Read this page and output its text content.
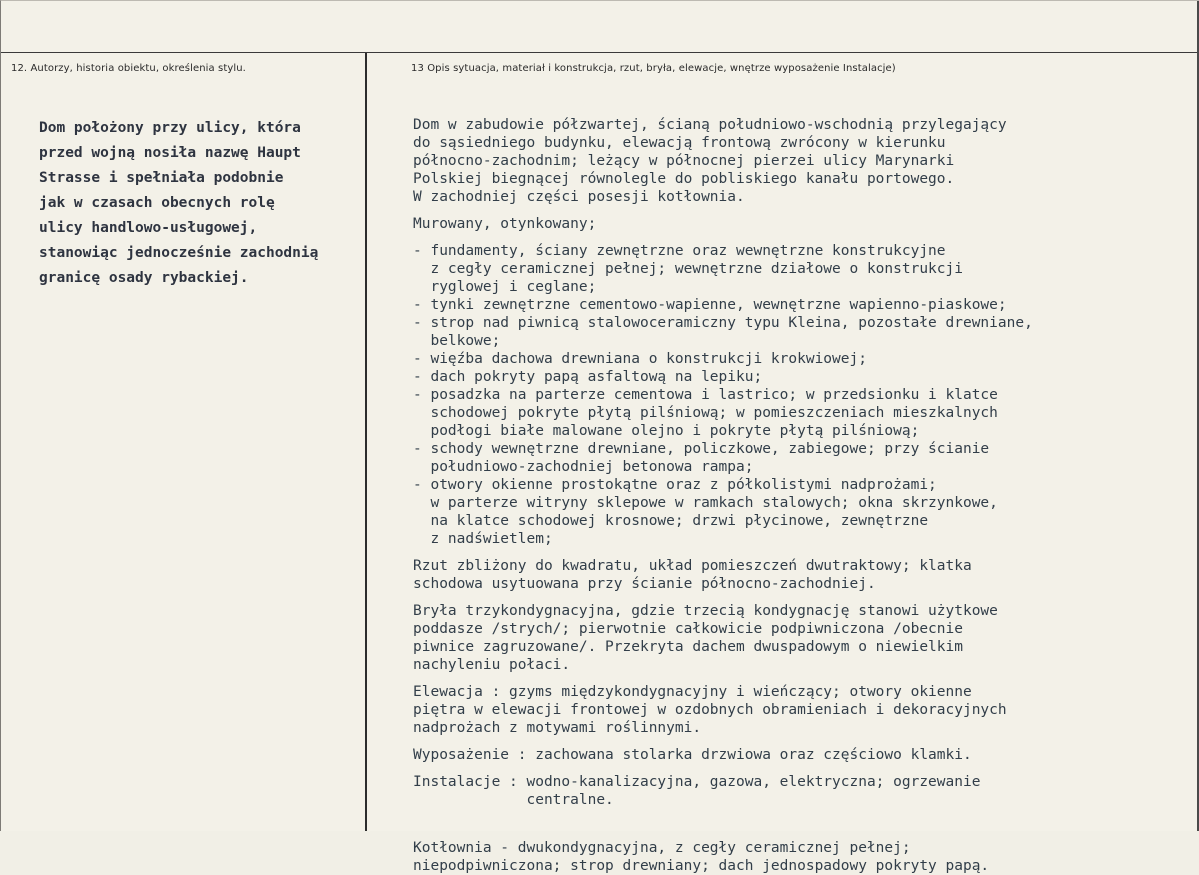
12. Autorzy, historia obiektu, określenia stylu.	13 Opis sytuacja, materiał i konstrukcja, rzut, bryła, elewacje, wnętrze wyposażenie Instalacje)
Dom położony przy ulicy, która
przed wojną nosiła nazwę Haupt
Strasse i spełniała podobnie
jak w czasach obecnych rolę
ulicy handlowo-usługowej,
stanowiąc jednocześnie zachodnią
granicę osady rybackiej.
Dom w zabudowie półzwartej, ścianą południowo-wschodnią przylegający
do sąsiedniego budynku, elewacją frontową zwrócony w kierunku
północno-zachodnim; leżący w północnej pierzei ulicy Marynarki
Polskiej biegnącej równolegle do pobliskiego kanału portowego.
W zachodniej części posesji kotłownia.
Murowany, otynkowany;
- fundamenty, ściany zewnętrzne oraz wewnętrzne konstrukcyjne
z cegły ceramicznej pełnej; wewnętrzne działowe o konstrukcji
ryglowej i ceglane;
- tynki zewnętrzne cementowo-wapienne, wewnętrzne wapienno-piaskowe;
- strop nad piwnicą stalowoceramiczny typu Kleina, pozostałe drewniane,
belkowe;
- więźba dachowa drewniana o konstrukcji krokwiowej;
- dach pokryty papą asfaltową na lepiku;
- posadzka na parterze cementowa i lastrico; w przedsionku i klatce
schodowej pokryte płytą pilśniową; w pomieszczeniach mieszkalnych
podłogi białe malowane olejno i pokryte płytą pilśniową;
- schody wewnętrzne drewniane, policzkowe, zabiegowe; przy ścianie
południowo-zachodniej betonowa rampa;
- otwory okienne prostokątne oraz z półkolistymi nadprożami;
w parterze witryny sklepowe w ramkach stalowych; okna skrzynkowe,
na klatce schodowej krosnowe; drzwi płycinowe, zewnętrzne
z nadświetlem;
Rzut zbliżony do kwadratu, układ pomieszczeń dwutraktowy; klatka
schodowa usytuowana przy ścianie północno-zachodniej.
Bryła trzykondygnacyjna, gdzie trzecią kondygnację stanowi użytkowe
poddasze /strych/; pierwotnie całkowicie podpiwniczona /obecnie
piwnice zagruzowane/. Przekryta dachem dwuspadowym o niewielkim
nachyleniu połaci.
Elewacja : gzyms międzykondygnacyjny i wieńczący; otwory okienne
piętra w elewacji frontowej w ozdobnych obramieniach i dekoracyjnych
nadprożach z motywami roślinnymi.
Wyposażenie : zachowana stolarka drzwiowa oraz częściowo klamki.
Instalacje : wodno-kanalizacyjna, gazowa, elektryczna; ogrzewanie
centralne.
Kotłownia - dwukondygnacyjna, z cegły ceramicznej pełnej;
niepodpiwniczona; strop drewniany; dach jednospadowy pokryty papą.
